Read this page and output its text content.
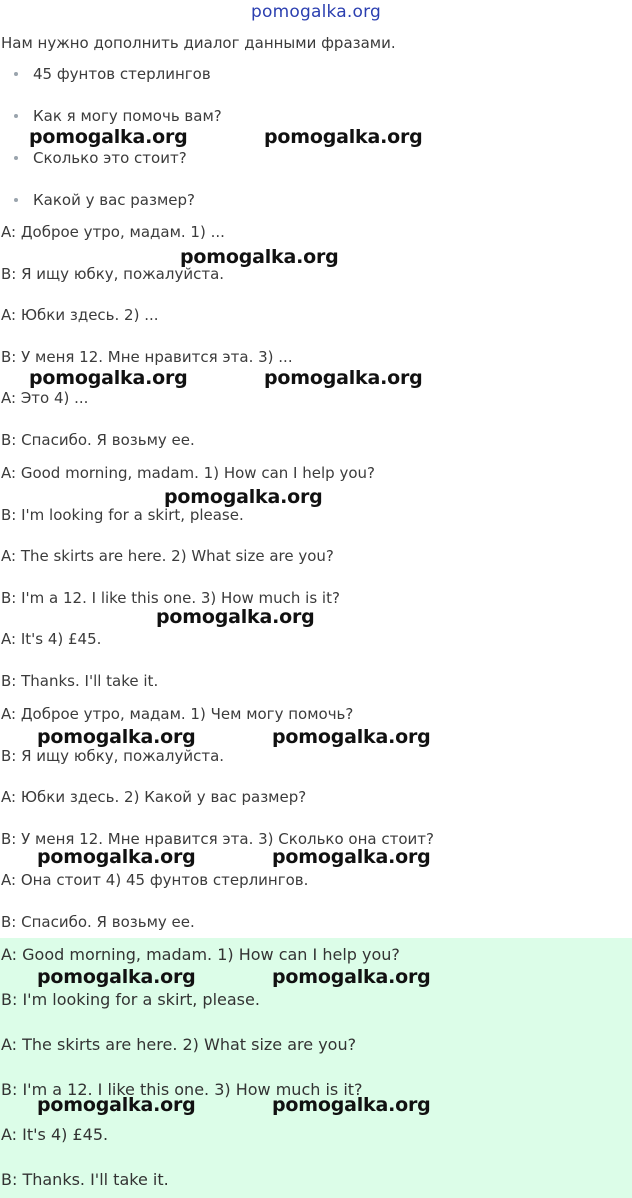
pomogalka.org
Нам нужно дополнить диалог данными фразами.
45 фунтов стерлингов
Как я могу помочь вам?
Сколько это стоит?
Какой у вас размер?
A: Доброе утро, мадам. 1) ...
B: Я ищу юбку, пожалуйста.
A: Юбки здесь. 2) ...
B: У меня 12. Мне нравится эта. 3) ...
A: Это 4) ...
B: Спасибо. Я возьму ее.
A: Good morning, madam. 1) How can I help you?
B: I'm looking for a skirt, please.
A: The skirts are here. 2) What size are you?
B: I'm a 12. I like this one. 3) How much is it?
A: It's 4) £45.
B: Thanks. I'll take it.
A: Доброе утро, мадам. 1) Чем могу помочь?
B: Я ищу юбку, пожалуйста.
A: Юбки здесь. 2) Какой у вас размер?
B: У меня 12. Мне нравится эта. 3) Сколько она стоит?
A: Она стоит 4) 45 фунтов стерлингов.
B: Спасибо. Я возьму ее.
A: Good morning, madam. 1) How can I help you?
B: I'm looking for a skirt, please.
A: The skirts are here. 2) What size are you?
B: I'm a 12. I like this one. 3) How much is it?
A: It's 4) £45.
B: Thanks. I'll take it.
pomogalka.org	pomogalka.org
pomogalka.org
pomogalka.org	pomogalka.org
pomogalka.org
pomogalka.org
pomogalka.org	pomogalka.org
pomogalka.org	pomogalka.org
pomogalka.org	pomogalka.org
pomogalka.org	pomogalka.org
